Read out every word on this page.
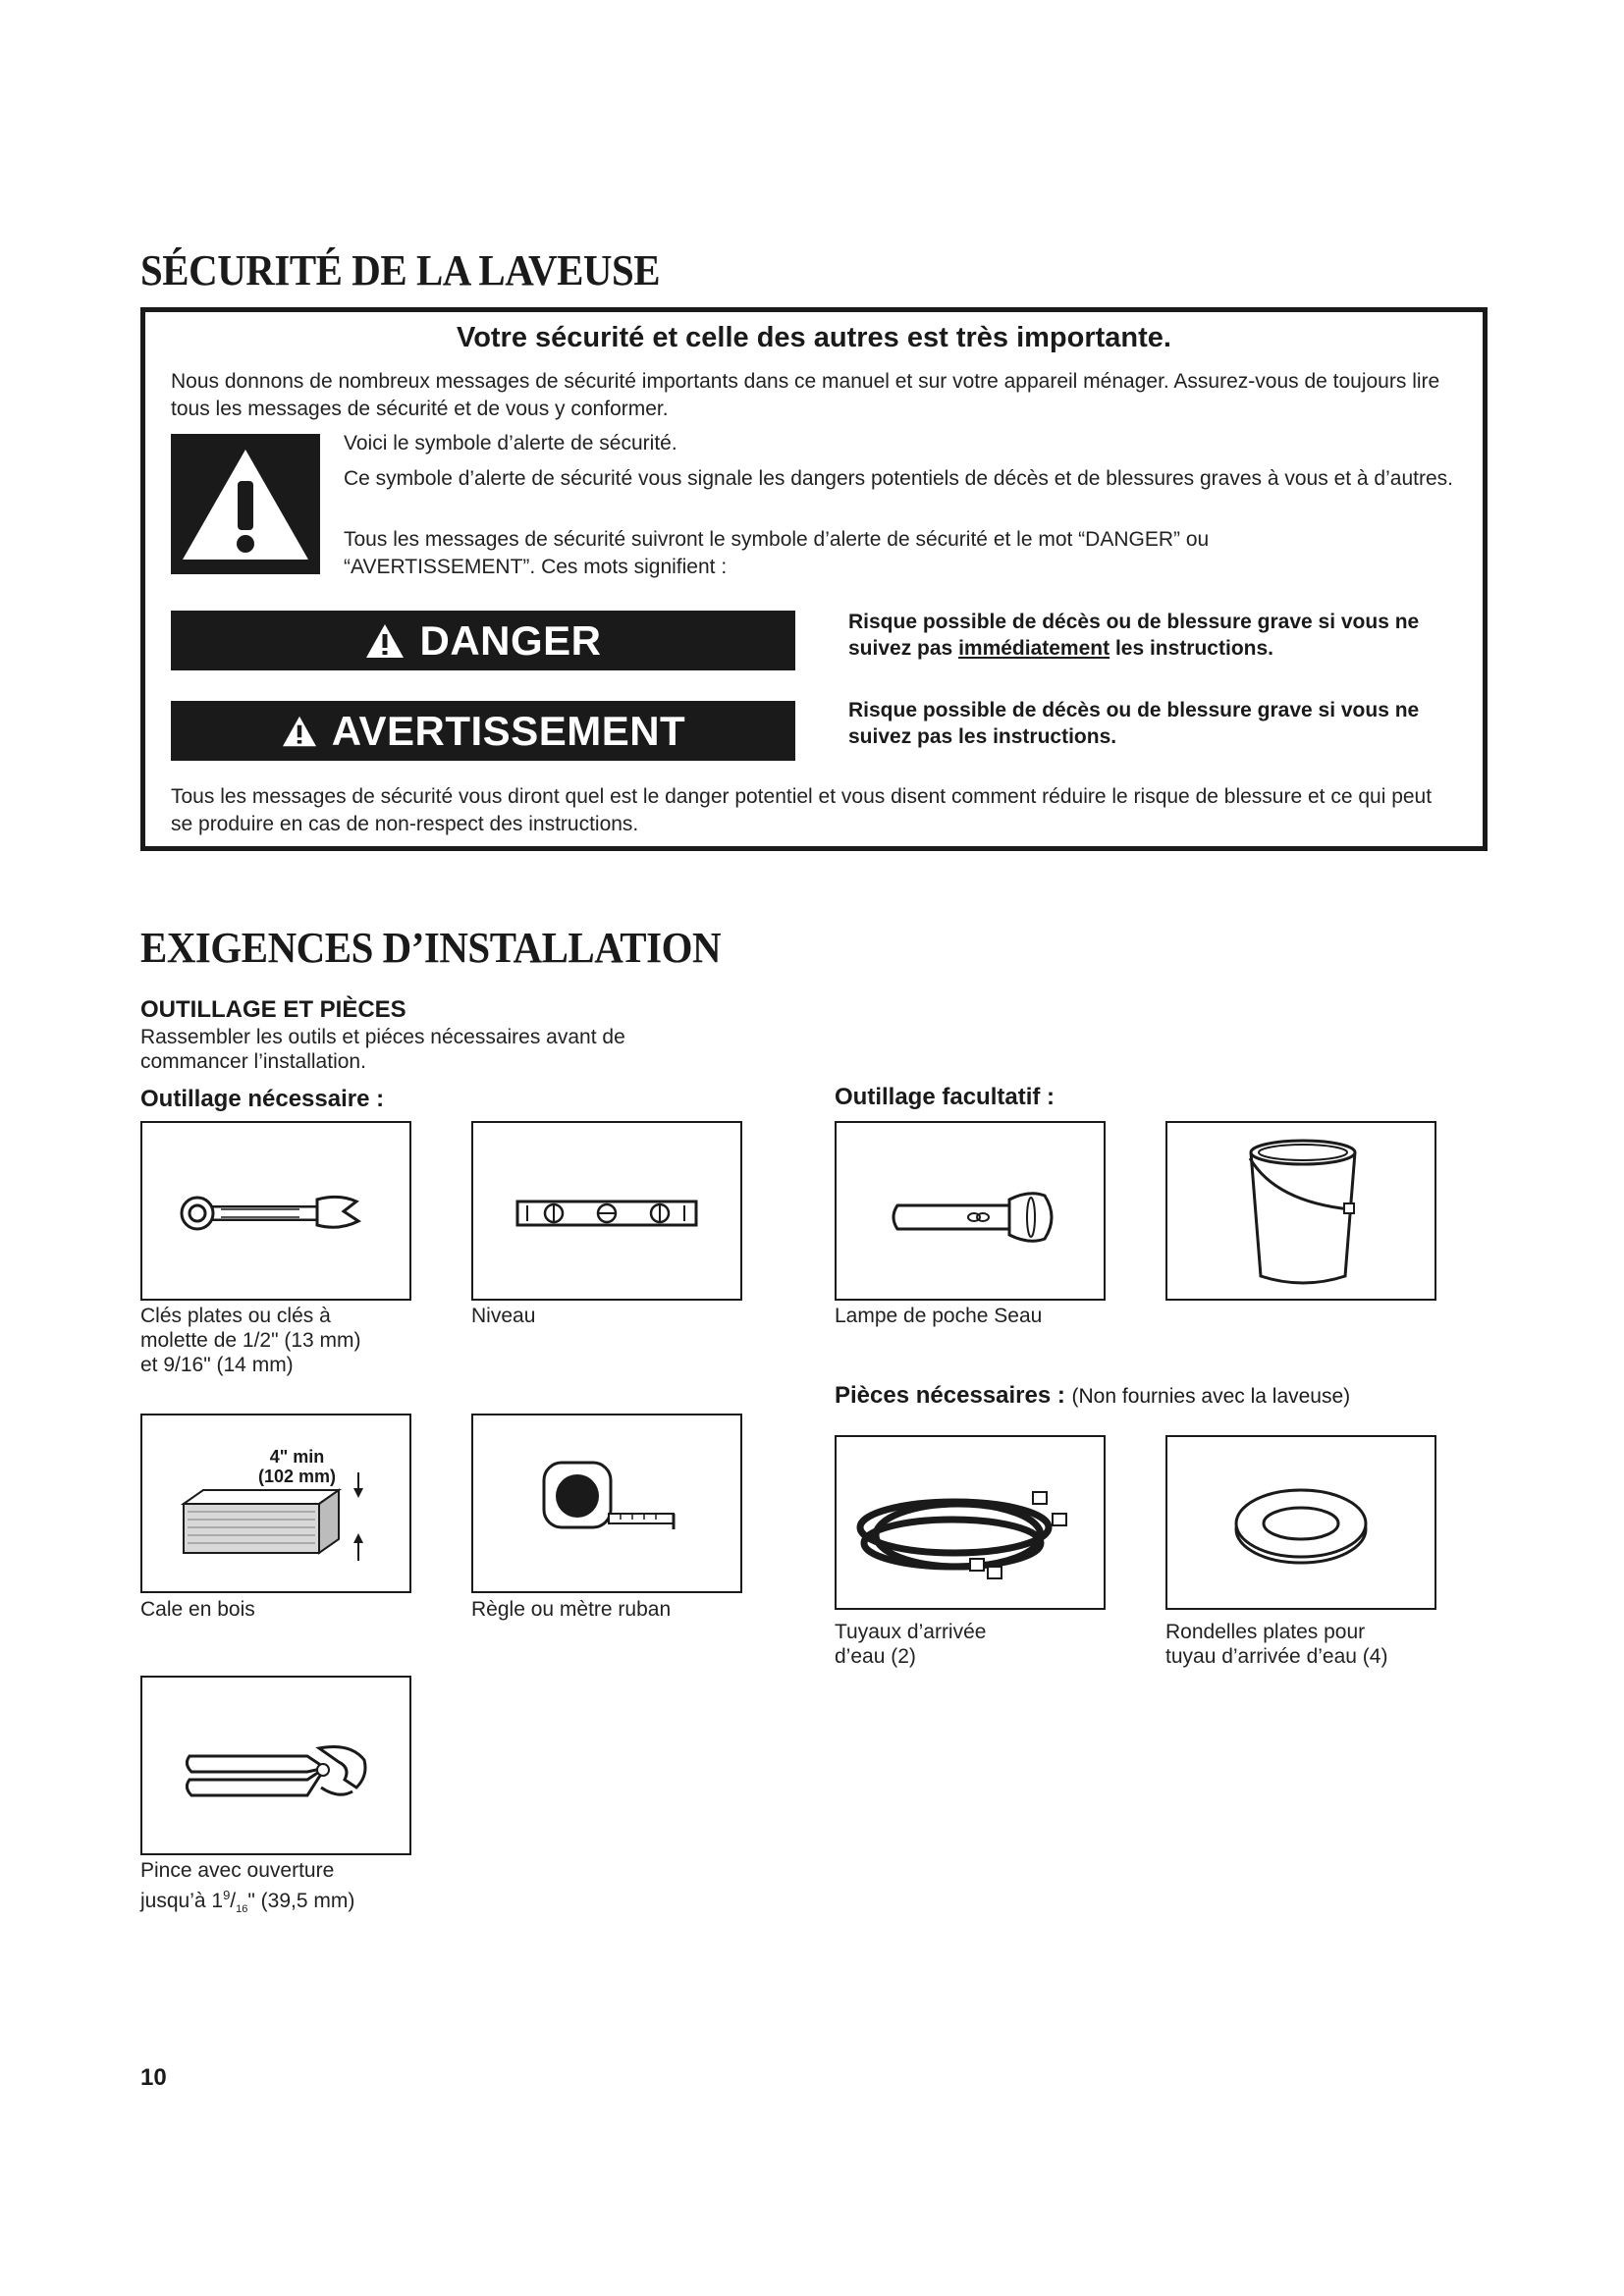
SÉCURITÉ DE LA LAVEUSE
Votre sécurité et celle des autres est très importante.
Nous donnons de nombreux messages de sécurité importants dans ce manuel et sur votre appareil ménager. Assurez-vous de toujours lire tous les messages de sécurité et de vous y conformer.
Voici le symbole d’alerte de sécurité.
Ce symbole d’alerte de sécurité vous signale les dangers potentiels de décès et de blessures graves à vous et à d’autres.
Tous les messages de sécurité suivront le symbole d’alerte de sécurité et le mot “DANGER” ou “AVERTISSEMENT”. Ces mots signifient :
DANGER	Risque possible de décès ou de blessure grave si vous ne suivez pas immédiatement les instructions.
AVERTISSEMENT	Risque possible de décès ou de blessure grave si vous ne suivez pas les instructions.
Tous les messages de sécurité vous diront quel est le danger potentiel et vous disent comment réduire le risque de blessure et ce qui peut se produire en cas de non-respect des instructions.
EXIGENCES D’INSTALLATION
OUTILLAGE ET PIÈCES
Rassembler les outils et piéces nécessaires avant de commancer l’installation.
Outillage nécessaire :	Outillage facultatif :
Clés plates ou clés à
molette de 1/2" (13 mm)
et 9/16" (14 mm)
Niveau	Lampe de poche Seau
Pièces nécessaires : (Non fournies avec la laveuse)
4" min
(102 mm)
Cale en bois	Règle ou mètre ruban
Tuyaux d’arrivée
d’eau (2)
Rondelles plates pour
tuyau d’arrivée d’eau (4)
Pince avec ouverture
jusqu’à $1^9/_{16}$" (39,5 mm)
10
